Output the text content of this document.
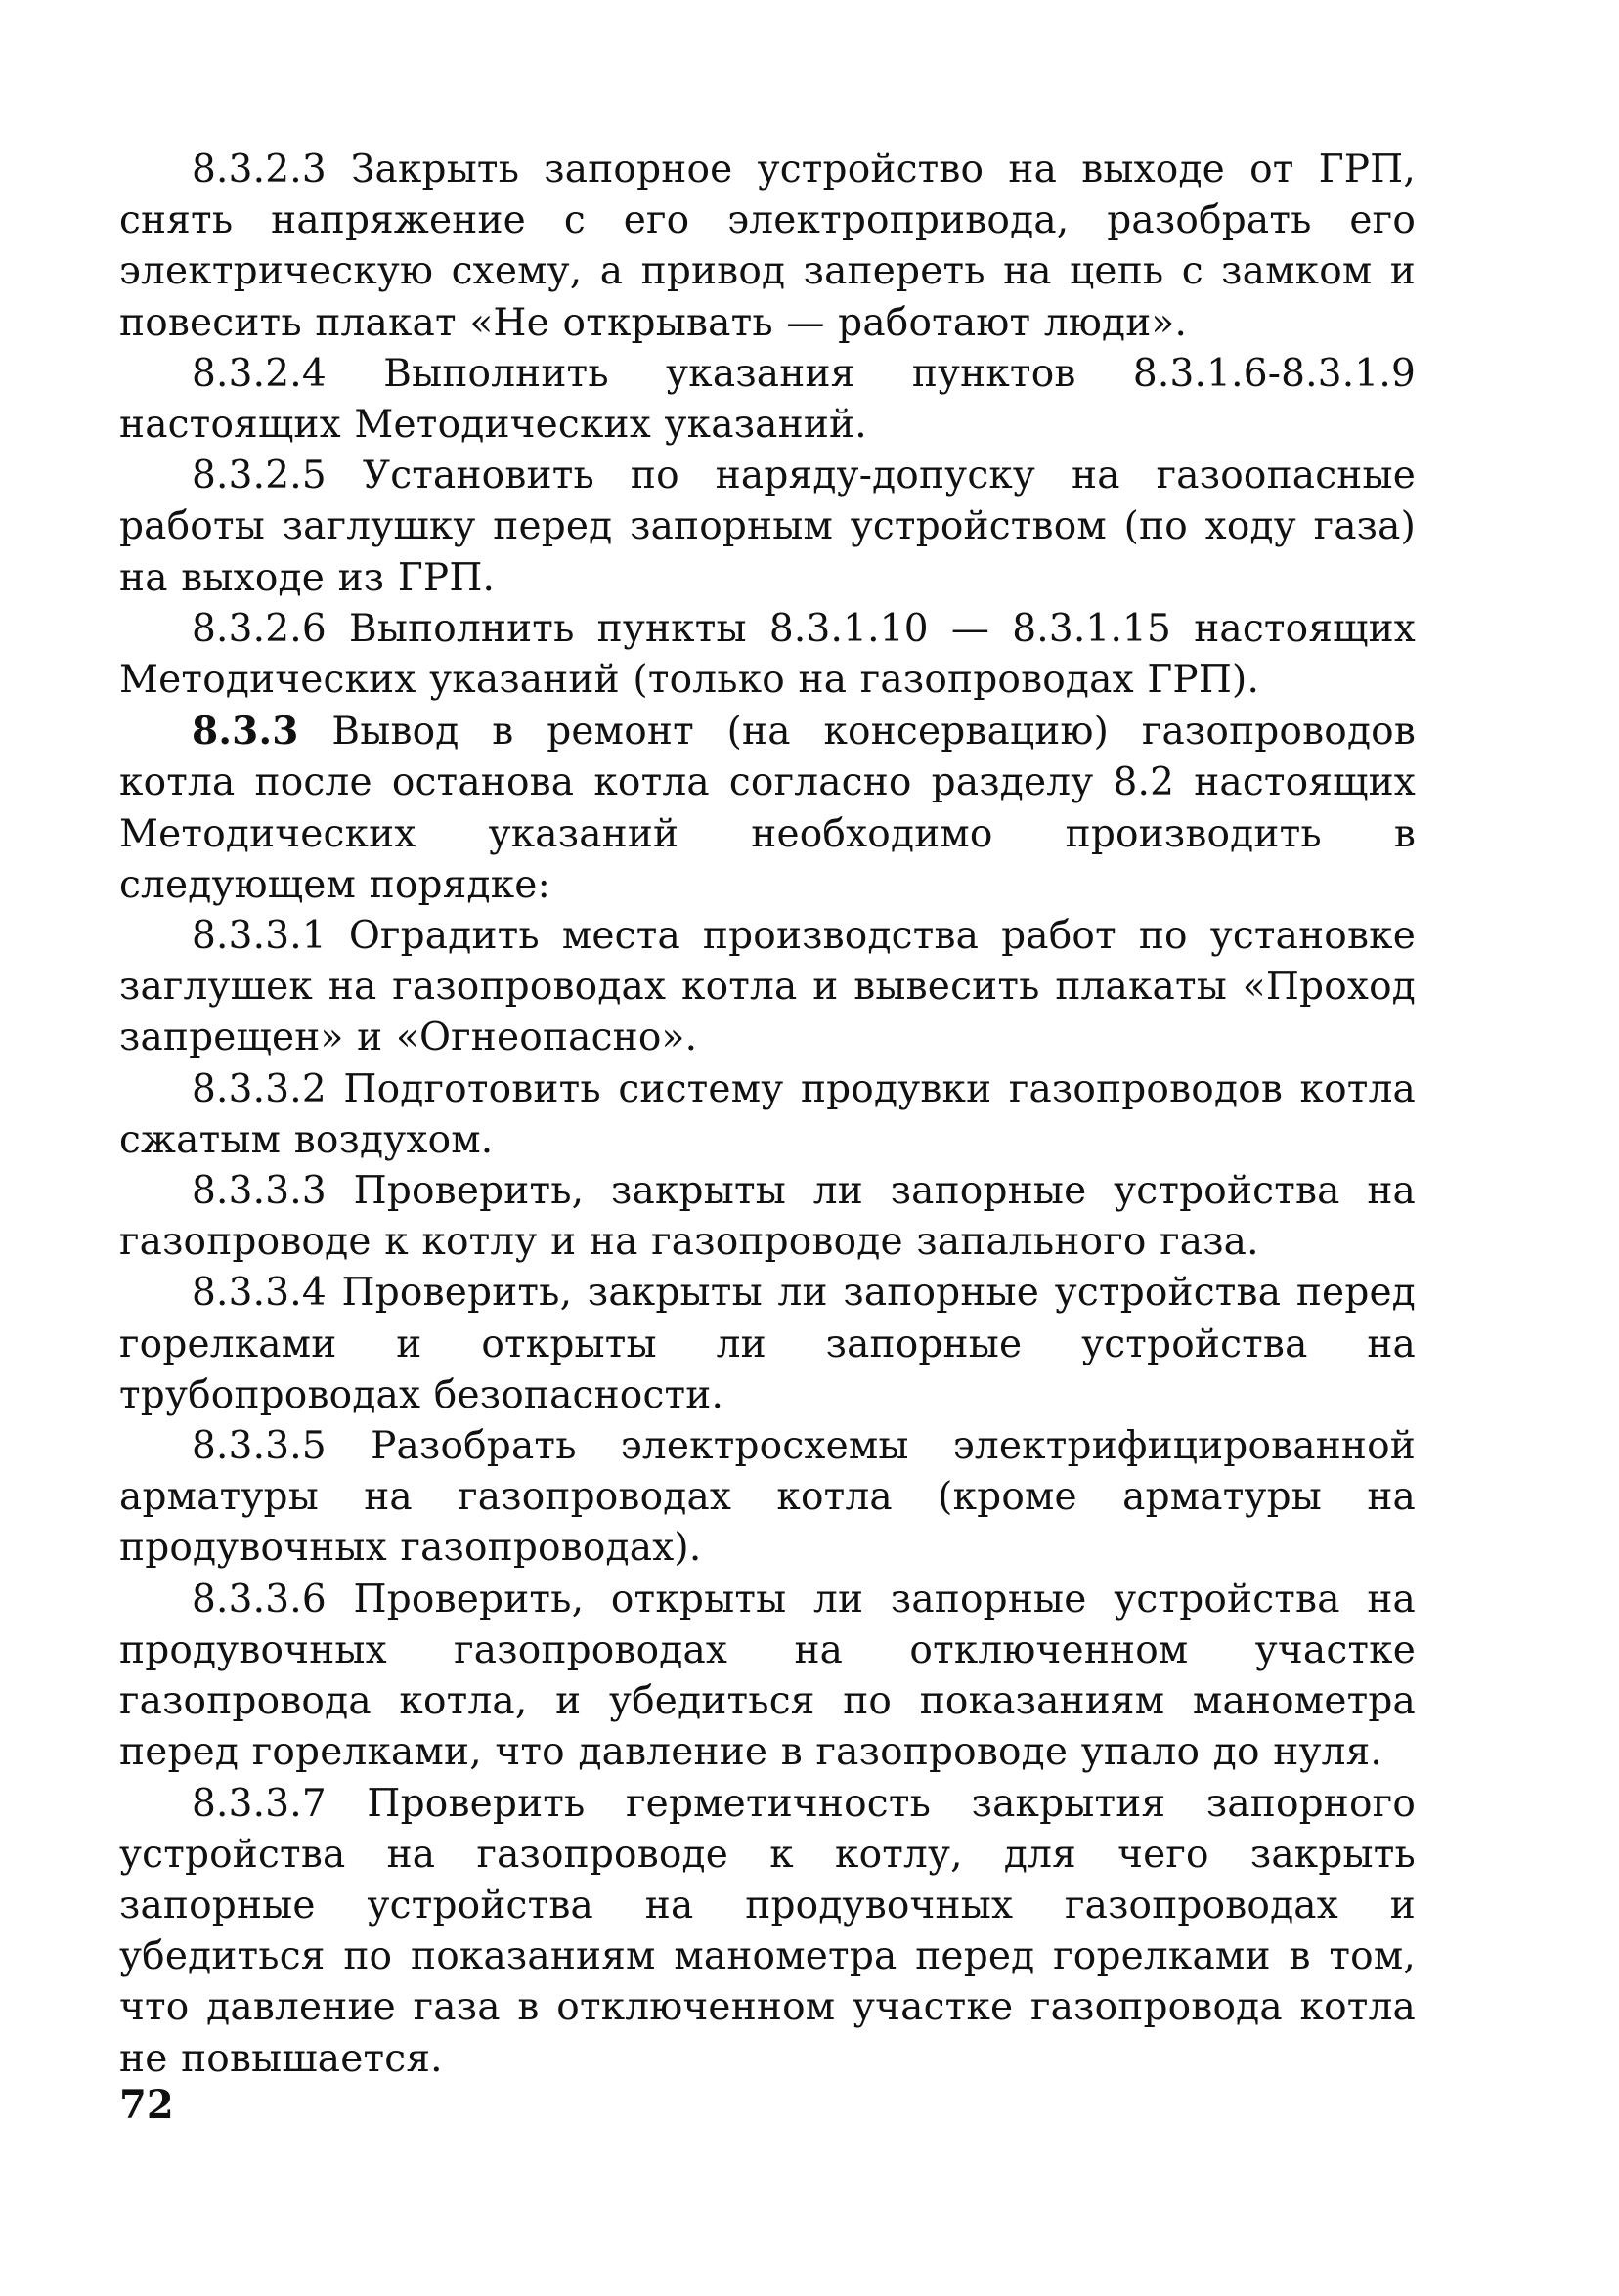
8.3.2.3 Закрыть запорное устройство на выходе от ГРП, снять напряжение с его электропривода, разобрать его электрическую схему, а привод запереть на цепь с замком и повесить плакат «Не открывать — работают люди».

8.3.2.4 Выполнить указания пунктов 8.3.1.6-8.3.1.9 настоящих Методических указаний.

8.3.2.5 Установить по наряду-допуску на газоопасные работы заглушку перед запорным устройством (по ходу газа) на выходе из ГРП.

8.3.2.6 Выполнить пункты 8.3.1.10 — 8.3.1.15 настоящих Методических указаний (только на газопроводах ГРП).

8.3.3 Вывод в ремонт (на консервацию) газопроводов котла после останова котла согласно разделу 8.2 настоящих Методических указаний необходимо производить в следующем порядке:

8.3.3.1 Оградить места производства работ по установке заглушек на газопроводах котла и вывесить плакаты «Проход запрещен» и «Огнеопасно».

8.3.3.2 Подготовить систему продувки газопроводов котла сжатым воздухом.

8.3.3.3 Проверить, закрыты ли запорные устройства на газопроводе к котлу и на газопроводе запального газа.

8.3.3.4 Проверить, закрыты ли запорные устройства перед горелками и открыты ли запорные устройства на трубопроводах безопасности.

8.3.3.5 Разобрать электросхемы электрифицированной арматуры на газопроводах котла (кроме арматуры на продувочных газопроводах).

8.3.3.6 Проверить, открыты ли запорные устройства на продувочных газопроводах на отключенном участке газопровода котла, и убедиться по показаниям манометра перед горелками, что давление в газопроводе упало до нуля.

8.3.3.7 Проверить герметичность закрытия запорного устройства на газопроводе к котлу, для чего закрыть запорные устройства на продувочных газопроводах и убедиться по показаниям манометра перед горелками в том, что давление газа в отключенном участке газопровода котла не повышается.

72
